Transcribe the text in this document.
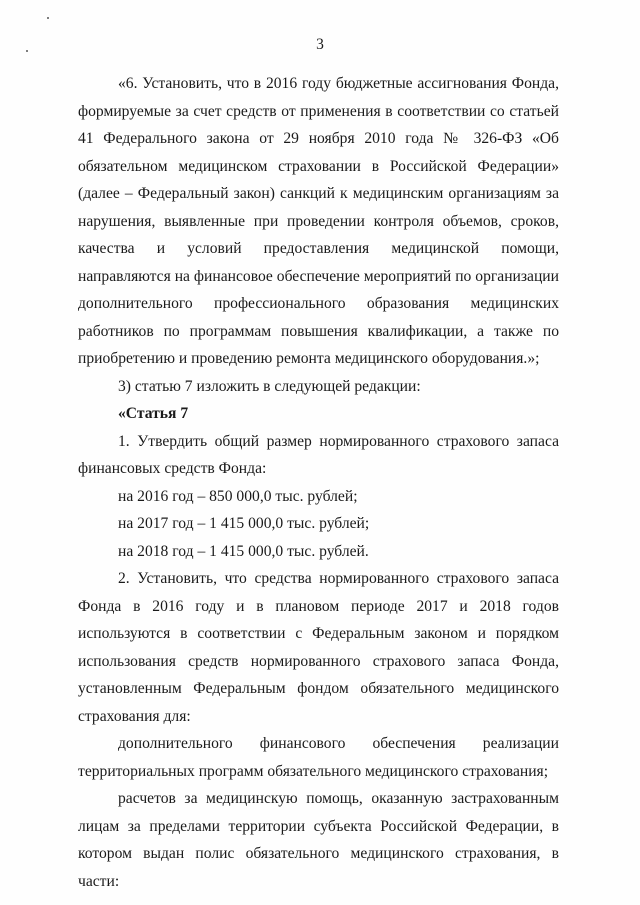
3

«6. Установить, что в 2016 году бюджетные ассигнования Фонда, формируемые за счет средств от применения в соответствии со статьей 41 Федерального закона от 29 ноября 2010 года № 326-ФЗ «Об обязательном медицинском страховании в Российской Федерации» (далее – Федеральный закон) санкций к медицинским организациям за нарушения, выявленные при проведении контроля объемов, сроков, качества и условий предоставления медицинской помощи, направляются на финансовое обеспечение мероприятий по организации дополнительного профессионального образования медицинских работников по программам повышения квалификации, а также по приобретению и проведению ремонта медицинского оборудования.»;

3) статью 7 изложить в следующей редакции:

«Статья 7

1. Утвердить общий размер нормированного страхового запаса финансовых средств Фонда:

на 2016 год – 850 000,0 тыс. рублей;

на 2017 год – 1 415 000,0 тыс. рублей;

на 2018 год – 1 415 000,0 тыс. рублей.

2. Установить, что средства нормированного страхового запаса Фонда в 2016 году и в плановом периоде 2017 и 2018 годов используются в соответствии с Федеральным законом и порядком использования средств нормированного страхового запаса Фонда, установленным Федеральным фондом обязательного медицинского страхования для:

дополнительного финансового обеспечения реализации территориальных программ обязательного медицинского страхования;

расчетов за медицинскую помощь, оказанную застрахованным лицам за пределами территории субъекта Российской Федерации, в котором выдан полис обязательного медицинского страхования, в части:
